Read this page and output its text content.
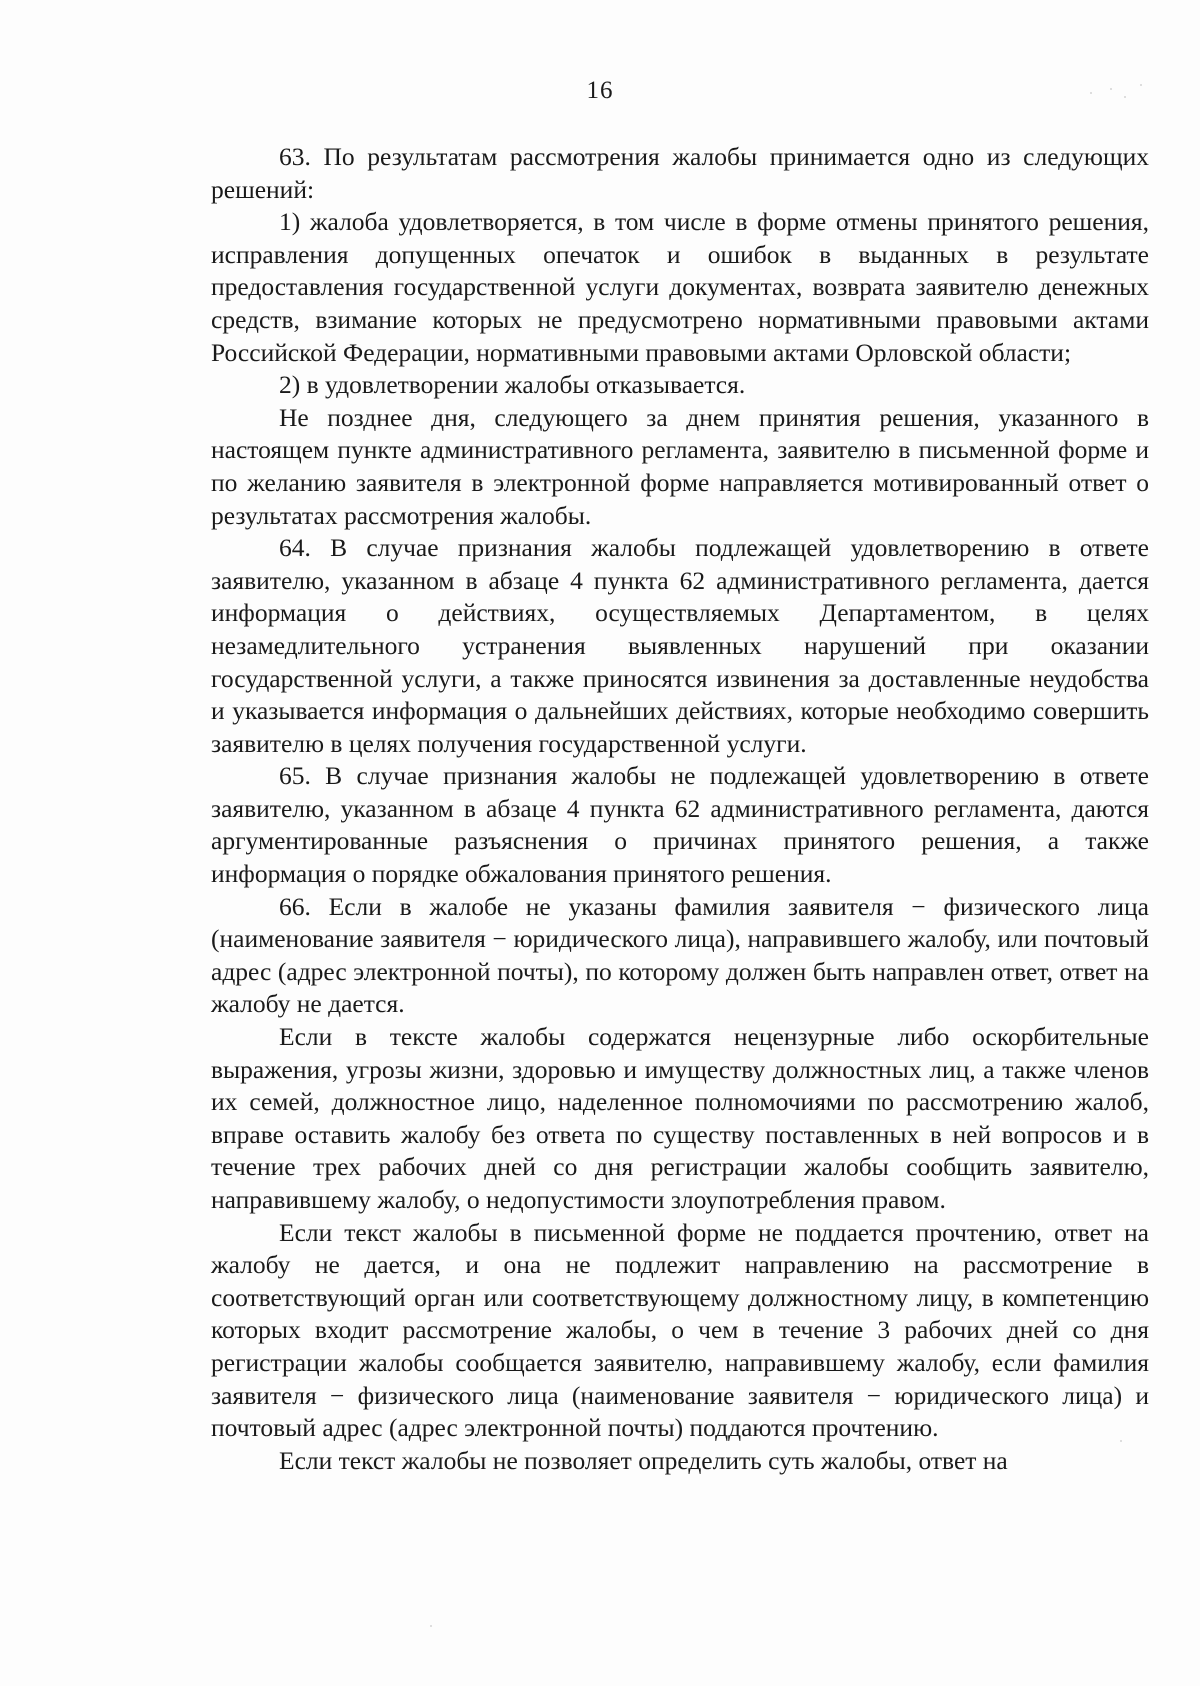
16

63. По результатам рассмотрения жалобы принимается одно из следующих решений:

1) жалоба удовлетворяется, в том числе в форме отмены принятого решения, исправления допущенных опечаток и ошибок в выданных в результате предоставления государственной услуги документах, возврата заявителю денежных средств, взимание которых не предусмотрено нормативными правовыми актами Российской Федерации, нормативными правовыми актами Орловской области;

2) в удовлетворении жалобы отказывается.

Не позднее дня, следующего за днем принятия решения, указанного в настоящем пункте административного регламента, заявителю в письменной форме и по желанию заявителя в электронной форме направляется мотивированный ответ о результатах рассмотрения жалобы.

64. В случае признания жалобы подлежащей удовлетворению в ответе заявителю, указанном в абзаце 4 пункта 62 административного регламента, дается информация о действиях, осуществляемых Департаментом, в целях незамедлительного устранения выявленных нарушений при оказании государственной услуги, а также приносятся извинения за доставленные неудобства и указывается информация о дальнейших действиях, которые необходимо совершить заявителю в целях получения государственной услуги.

65. В случае признания жалобы не подлежащей удовлетворению в ответе заявителю, указанном в абзаце 4 пункта 62 административного регламента, даются аргументированные разъяснения о причинах принятого решения, а также информация о порядке обжалования принятого решения.

66. Если в жалобе не указаны фамилия заявителя − физического лица (наименование заявителя − юридического лица), направившего жалобу, или почтовый адрес (адрес электронной почты), по которому должен быть направлен ответ, ответ на жалобу не дается.

Если в тексте жалобы содержатся нецензурные либо оскорбительные выражения, угрозы жизни, здоровью и имуществу должностных лиц, а также членов их семей, должностное лицо, наделенное полномочиями по рассмотрению жалоб, вправе оставить жалобу без ответа по существу поставленных в ней вопросов и в течение трех рабочих дней со дня регистрации жалобы сообщить заявителю, направившему жалобу, о недопустимости злоупотребления правом.

Если текст жалобы в письменной форме не поддается прочтению, ответ на жалобу не дается, и она не подлежит направлению на рассмотрение в соответствующий орган или соответствующему должностному лицу, в компетенцию которых входит рассмотрение жалобы, о чем в течение 3 рабочих дней со дня регистрации жалобы сообщается заявителю, направившему жалобу, если фамилия заявителя − физического лица (наименование заявителя − юридического лица) и почтовый адрес (адрес электронной почты) поддаются прочтению.

Если текст жалобы не позволяет определить суть жалобы, ответ на
